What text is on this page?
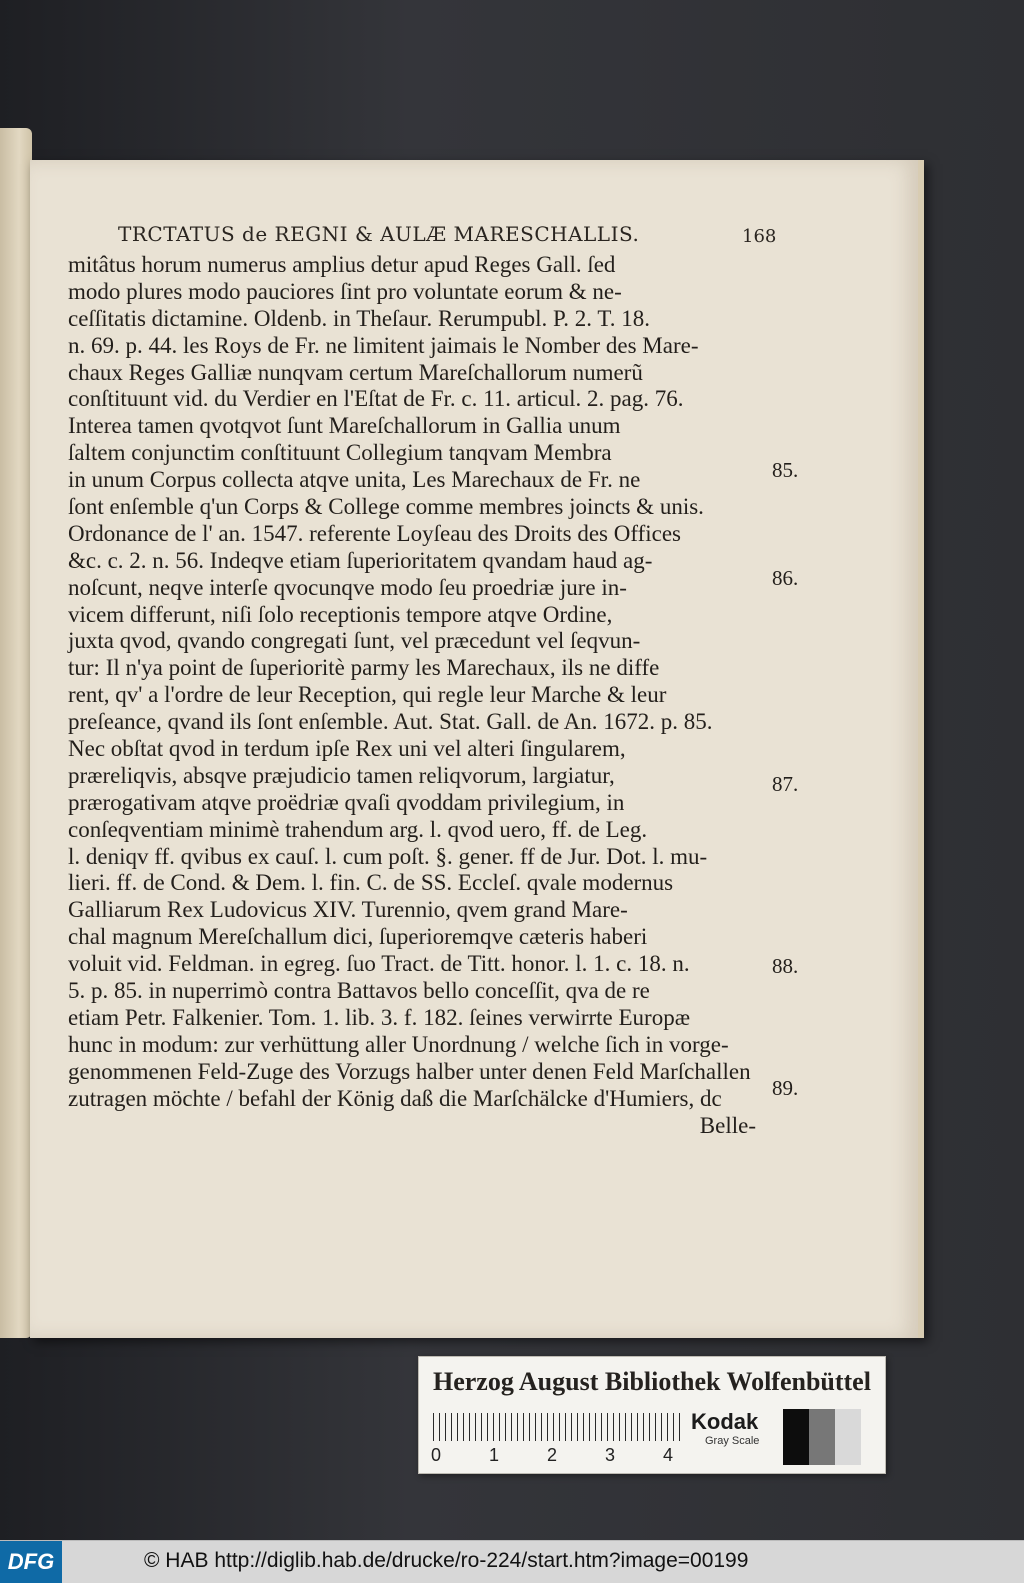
TRCTATUS de REGNI & AULÆ MARESCHALLIS.	168
mitâtus horum numerus amplius detur apud Reges Gall. ſed
modo plures modo pauciores ſint pro voluntate eorum & ne-
ceſſitatis dictamine. Oldenb. in Theſaur. Rerumpubl. P. 2. T. 18.
n. 69. p. 44. les Roys de Fr. ne limitent jaimais le Nomber des Mare-
chaux Reges Galliæ nunqvam certum Mareſchallorum numerũ
conſtituunt vid. du Verdier en l'Eſtat de Fr. c. 11. articul. 2. pag. 76.
Interea tamen qvotqvot ſunt Mareſchallorum in Gallia unum
ſaltem conjunctim conſtituunt Collegium tanqvam Membra
in unum Corpus collecta atqve unita, Les Marechaux de Fr. ne
ſont enſemble q'un Corps & College comme membres joincts & unis.
Ordonance de l' an. 1547. referente Loyſeau des Droits des Offices
&c. c. 2. n. 56. Indeqve etiam ſuperioritatem qvandam haud ag-
noſcunt, neqve interſe qvocunqve modo ſeu proedriæ jure in-
vicem differunt, niſi ſolo receptionis tempore atqve Ordine,
juxta qvod, qvando congregati ſunt, vel præcedunt vel ſeqvun-
tur: Il n'ya point de ſuperioritè parmy les Marechaux, ils ne diffe
rent, qv' a l'ordre de leur Reception, qui regle leur Marche & leur
preſeance, qvand ils ſont enſemble. Aut. Stat. Gall. de An. 1672. p. 85.
Nec obſtat qvod in terdum ipſe Rex uni vel alteri ſingularem,
præreliqvis, absqve præjudicio tamen reliqvorum, largiatur,
prærogativam atqve proëdriæ qvaſi qvoddam privilegium, in
conſeqventiam minimè trahendum arg. l. qvod uero, ff. de Leg.
l. deniqv ff. qvibus ex cauſ. l. cum poſt. §. gener. ff de Jur. Dot. l. mu-
lieri. ff. de Cond. & Dem. l. fin. C. de SS. Eccleſ. qvale modernus
Galliarum Rex Ludovicus XIV. Turennio, qvem grand Mare-
chal magnum Mereſchallum dici, ſuperioremqve cæteris haberi
voluit vid. Feldman. in egreg. ſuo Tract. de Titt. honor. l. 1. c. 18. n.
5. p. 85. in nuperrimò contra Battavos bello conceſſit, qva de re
etiam Petr. Falkenier. Tom. 1. lib. 3. f. 182. ſeines verwirrte Europæ
hunc in modum: zur verhüttung aller Unordnung / welche ſich in vorge-
genommenen Feld-Zuge des Vorzugs halber unter denen Feld Marſchallen
zutragen möchte / befahl der König daß die Marſchälcke d'Humiers, dc
Belle-
85.
86.
87.
88.
89.
Herzog August Bibliothek Wolfenbüttel
0	1	2	3	4
Kodak
Gray Scale
DFG	© HAB http://diglib.hab.de/drucke/ro-224/start.htm?image=00199
